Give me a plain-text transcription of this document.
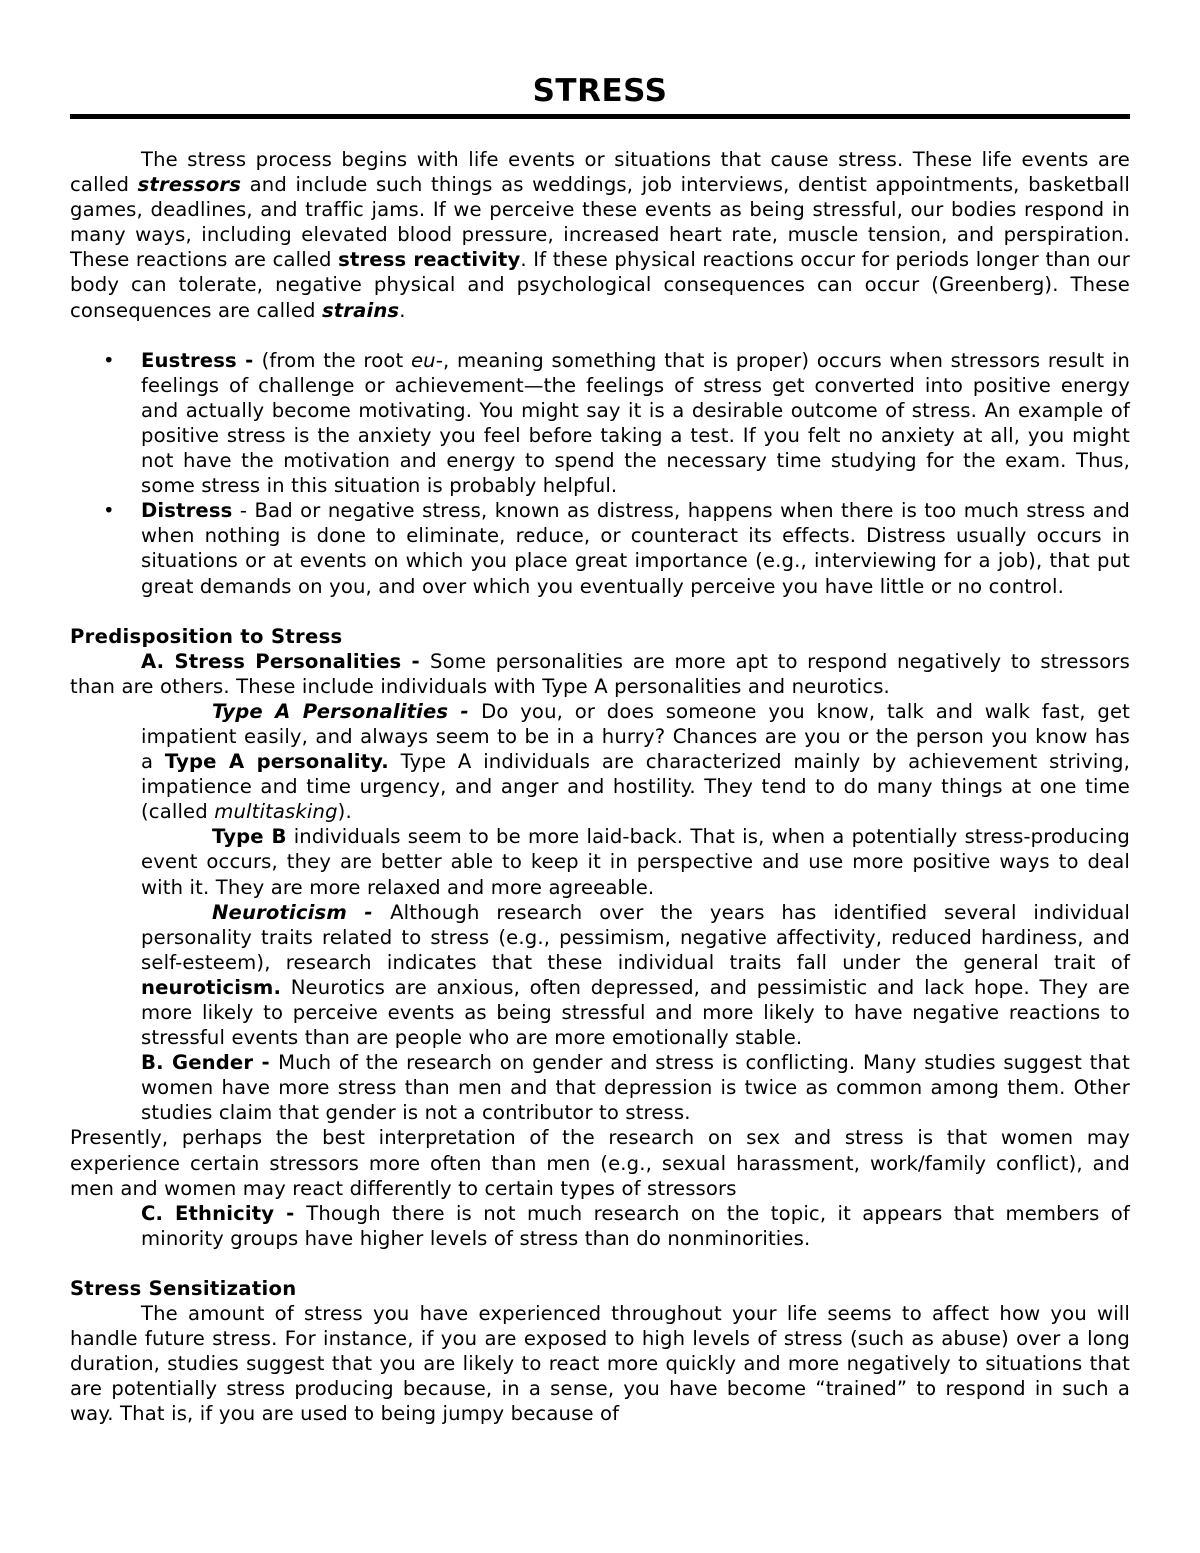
STRESS

The stress process begins with life events or situations that cause stress. These life events are called stressors and include such things as weddings, job interviews, dentist appointments, basketball games, deadlines, and traffic jams. If we perceive these events as being stressful, our bodies respond in many ways, including elevated blood pressure, increased heart rate, muscle tension, and perspiration. These reactions are called stress reactivity. If these physical reactions occur for periods longer than our body can tolerate, negative physical and psychological consequences can occur (Greenberg). These consequences are called strains.

• Eustress - (from the root eu-, meaning something that is proper) occurs when stressors result in feelings of challenge or achievement—the feelings of stress get converted into positive energy and actually become motivating. You might say it is a desirable outcome of stress. An example of positive stress is the anxiety you feel before taking a test. If you felt no anxiety at all, you might not have the motivation and energy to spend the necessary time studying for the exam. Thus, some stress in this situation is probably helpful.
• Distress - Bad or negative stress, known as distress, happens when there is too much stress and when nothing is done to eliminate, reduce, or counteract its effects. Distress usually occurs in situations or at events on which you place great importance (e.g., interviewing for a job), that put great demands on you, and over which you eventually perceive you have little or no control.

Predisposition to Stress

A. Stress Personalities - Some personalities are more apt to respond negatively to stressors than are others. These include individuals with Type A personalities and neurotics.

Type A Personalities - Do you, or does someone you know, talk and walk fast, get impatient easily, and always seem to be in a hurry? Chances are you or the person you know has a Type A personality. Type A individuals are characterized mainly by achievement striving, impatience and time urgency, and anger and hostility. They tend to do many things at one time (called multitasking).

Type B individuals seem to be more laid-back. That is, when a potentially stress-producing event occurs, they are better able to keep it in perspective and use more positive ways to deal with it. They are more relaxed and more agreeable.

Neuroticism - Although research over the years has identified several individual personality traits related to stress (e.g., pessimism, negative affectivity, reduced hardiness, and self-esteem), research indicates that these individual traits fall under the general trait of neuroticism. Neurotics are anxious, often depressed, and pessimistic and lack hope. They are more likely to perceive events as being stressful and more likely to have negative reactions to stressful events than are people who are more emotionally stable.

B. Gender - Much of the research on gender and stress is conflicting. Many studies suggest that women have more stress than men and that depression is twice as common among them. Other studies claim that gender is not a contributor to stress.

Presently, perhaps the best interpretation of the research on sex and stress is that women may experience certain stressors more often than men (e.g., sexual harassment, work/family conflict), and men and women may react differently to certain types of stressors

C. Ethnicity - Though there is not much research on the topic, it appears that members of minority groups have higher levels of stress than do nonminorities.

Stress Sensitization

The amount of stress you have experienced throughout your life seems to affect how you will handle future stress. For instance, if you are exposed to high levels of stress (such as abuse) over a long duration, studies suggest that you are likely to react more quickly and more negatively to situations that are potentially stress producing because, in a sense, you have become “trained” to respond in such a way. That is, if you are used to being jumpy because of
